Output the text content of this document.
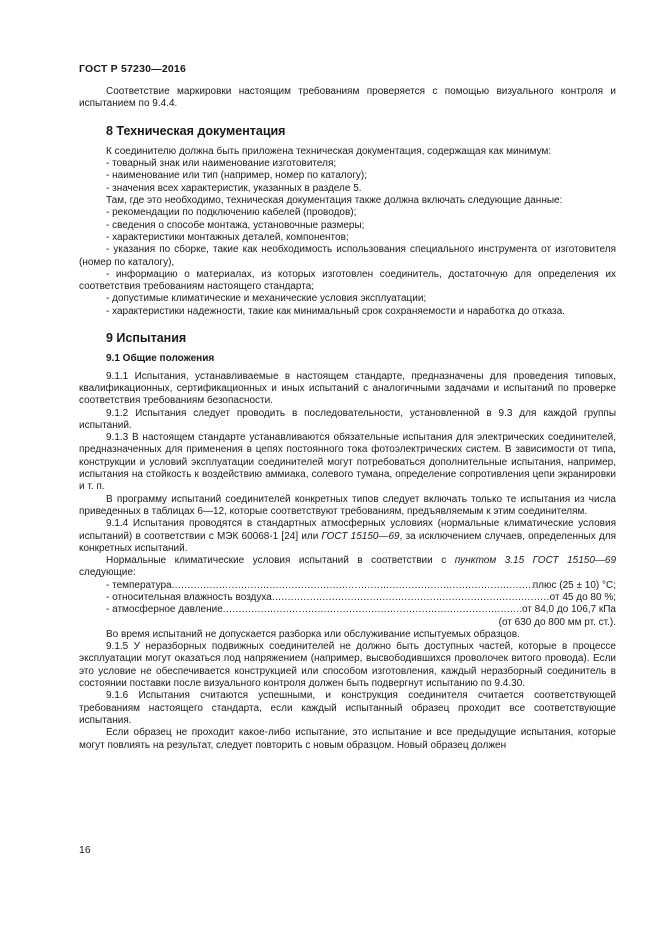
ГОСТ Р 57230—2016

Соответствие маркировки настоящим требованиям проверяется с помощью визуального контроля и испытанием по 9.4.4.

8 Техническая документация

К соединителю должна быть приложена техническая документация, содержащая как минимум:

- товарный знак или наименование изготовителя;

- наименование или тип (например, номер по каталогу);

- значения всех характеристик, указанных в разделе 5.

Там, где это необходимо, техническая документация также должна включать следующие данные:

- рекомендации по подключению кабелей (проводов);

- сведения о способе монтажа, установочные размеры;

- характеристики монтажных деталей, компонентов;

- указания по сборке, такие как необходимость использования специального инструмента от изготовителя (номер по каталогу),

- информацию о материалах, из которых изготовлен соединитель, достаточную для определения их соответствия требованиям настоящего стандарта;

- допустимые климатические и механические условия эксплуатации;

- характеристики надежности, такие как минимальный срок сохраняемости и наработка до отказа.

9 Испытания

9.1 Общие положения

9.1.1 Испытания, устанавливаемые в настоящем стандарте, предназначены для проведения типовых, квалификационных, сертификационных и иных испытаний с аналогичными задачами и испытаний по проверке соответствия требованиям безопасности.

9.1.2 Испытания следует проводить в последовательности, установленной в 9.3 для каждой группы испытаний.

9.1.3 В настоящем стандарте устанавливаются обязательные испытания для электрических соединителей, предназначенных для применения в цепях постоянного тока фотоэлектрических систем. В зависимости от типа, конструкции и условий эксплуатации соединителей могут потребоваться дополнительные испытания, например, испытания на стойкость к воздействию аммиака, солевого тумана, определение сопротивления цепи экранировки и т. п.

В программу испытаний соединителей конкретных типов следует включать только те испытания из числа приведенных в таблицах 6—12, которые соответствуют требованиям, предъявляемым к этим соединителям.

9.1.4 Испытания проводятся в стандартных атмосферных условиях (нормальные климатические условия испытаний) в соответствии с МЭК 60068-1 [24] или ГОСТ 15150—69, за исключением случаев, определенных для конкретных испытаний.

Нормальные климатические условия испытаний в соответствии с пунктом 3.15 ГОСТ 15150—69 следующие:

- температура . . .	плюс (25 ± 10) °С;
- относительная влажность воздуха . . .	от 45 до 80 %;
- атмосферное давление . . .	от 84,0 до 106,7 кПа

(от 630 до 800 мм рт. ст.).

Во время испытаний не допускается разборка или обслуживание испытуемых образцов.

9.1.5 У неразборных подвижных соединителей не должно быть доступных частей, которые в процессе эксплуатации могут оказаться под напряжением (например, высвободившихся проволочек витого провода). Если это условие не обеспечивается конструкцией или способом изготовления, каждый неразборный соединитель в состоянии поставки после визуального контроля должен быть подвергнут испытанию по 9.4.30.

9.1.6 Испытания считаются успешными, и конструкция соединителя считается соответствующей требованиям настоящего стандарта, если каждый испытанный образец проходит все соответствующие испытания.

Если образец не проходит какое-либо испытание, это испытание и все предыдущие испытания, которые могут повлиять на результат, следует повторить с новым образцом. Новый образец должен

16
